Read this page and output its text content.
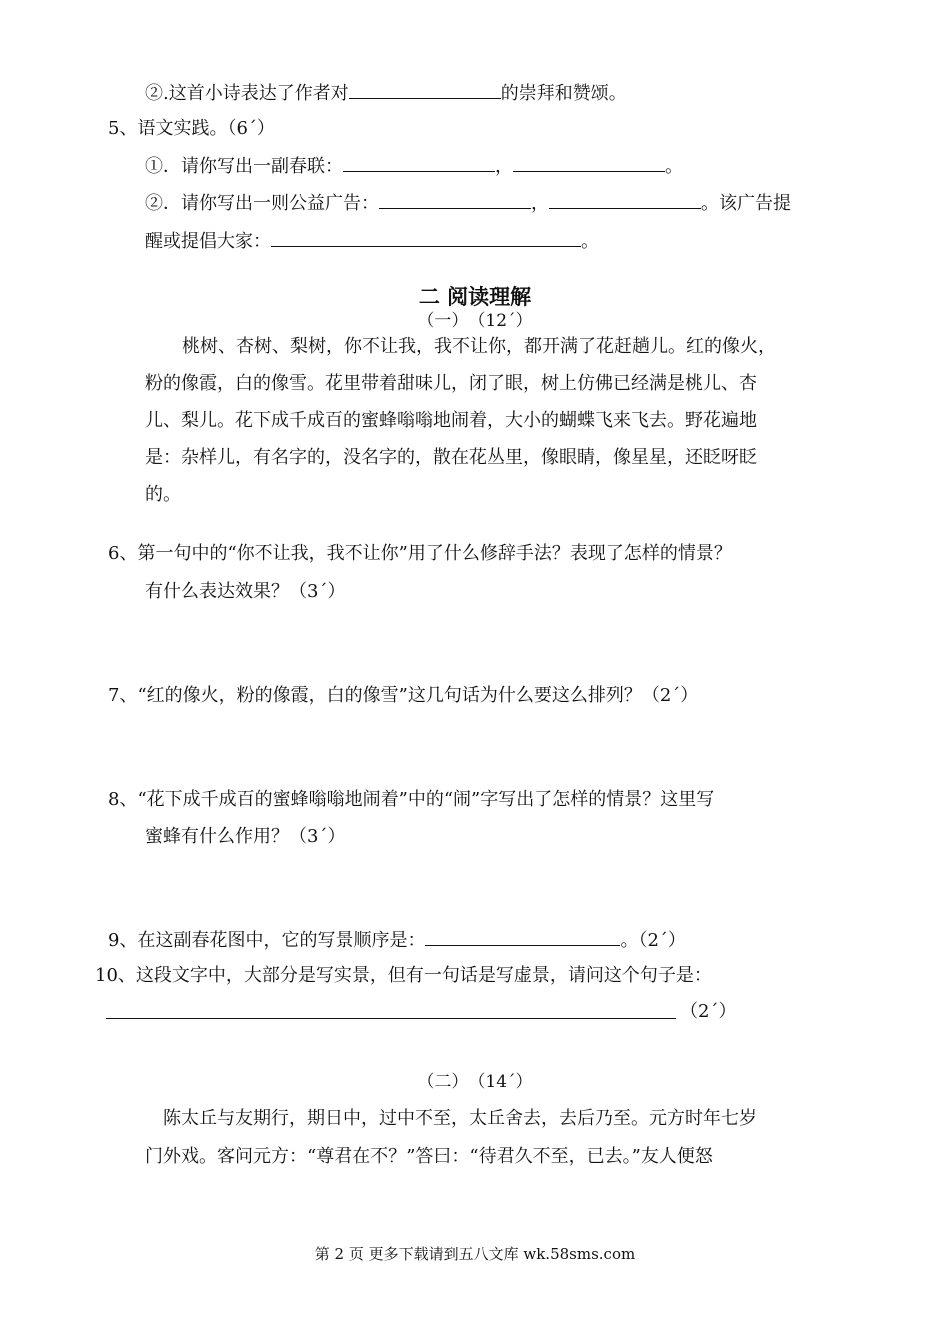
②.这首小诗表达了作者对	的崇拜和赞颂。
5、语文实践。（6´）
①．请你写出一副春联：	，	。
②．请你写出一则公益广告：	，	。该广告提
醒或提倡大家：	。
二 阅读理解
（一）　（12´）
桃树、杏树、梨树，你不让我，我不让你，都开满了花赶趟儿。红的像火，
粉的像霞，白的像雪。花里带着甜味儿，闭了眼，树上仿佛已经满是桃儿、杏
儿、梨儿。花下成千成百的蜜蜂嗡嗡地闹着，大小的蝴蝶飞来飞去。野花遍地
是：杂样儿，有名字的，没名字的，散在花丛里，像眼睛，像星星，还眨呀眨
的。
6、第一句中的“你不让我，我不让你”用了什么修辞手法？表现了怎样的情景？
有什么表达效果？（3´）
7、“红的像火，粉的像霞，白的像雪”这几句话为什么要这么排列？（2´）
8、“花下成千成百的蜜蜂嗡嗡地闹着”中的“闹”字写出了怎样的情景？这里写
蜜蜂有什么作用？（3´）
9、在这副春花图中，它的写景顺序是：	。（2´）
10、这段文字中，大部分是写实景，但有一句话是写虚景，请问这个句子是：
（2´）
（二）　（14´）
陈太丘与友期行，期日中，过中不至，太丘舍去，去后乃至。元方时年七岁
门外戏。客问元方：“尊君在不？”答曰：“待君久不至，已去。”友人便怒
第 2 页 更多下载请到五八文库 wk.58sms.com
